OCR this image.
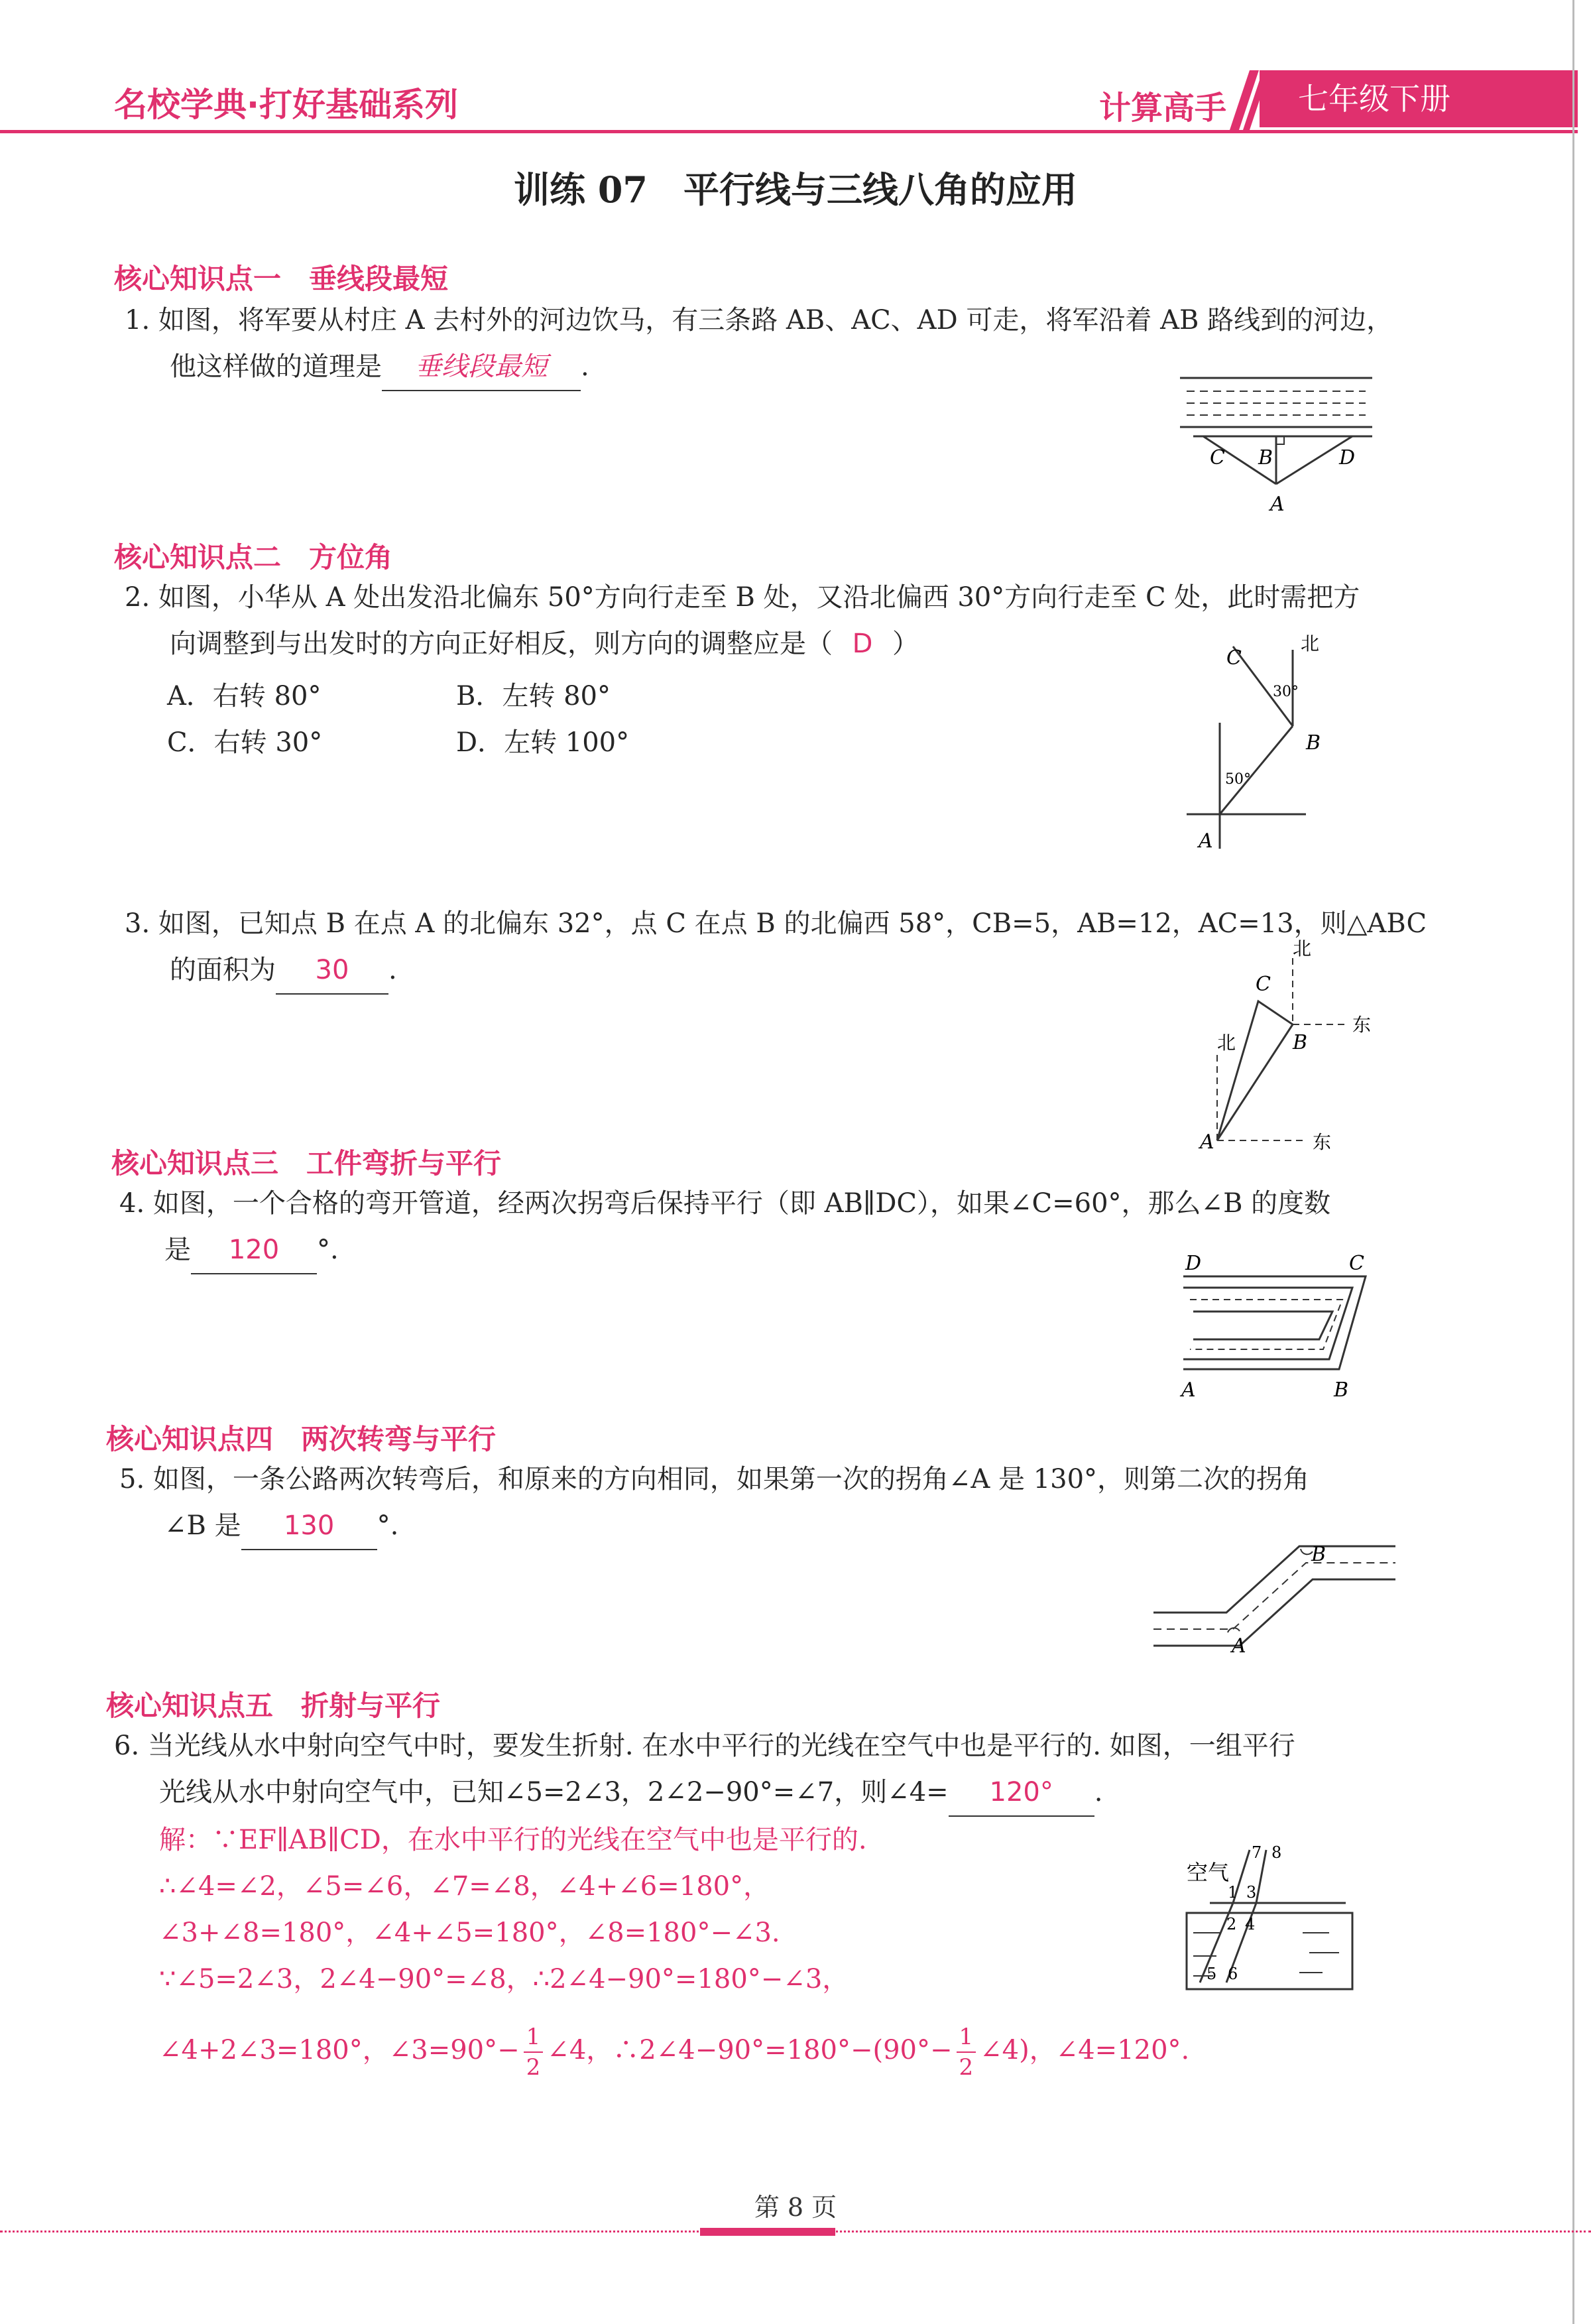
名校学典·打好基础系列	计算高手	七年级下册
训练 07　平行线与三线八角的应用
核心知识点一　垂线段最短
1. 如图，将军要从村庄 A 去村外的河边饮马，有三条路 AB、AC、AD 可走，将军沿着 AB 路线到的河边，
他这样做的道理是 垂线段最短 .
C B	D
A
核心知识点二　方位角
2. 如图，小华从 A 处出发沿北偏东 50°方向行走至 B 处，又沿北偏西 30°方向行走至 C 处，此时需把方
向调整到与出发时的方向正好相反，则方向的调整应是（ D ）
A．右转 80°	B．左转 80°
C．右转 30°	D．左转 100°
C
北
30°
B
50°
A
3. 如图，已知点 B 在点 A 的北偏东 32°，点 C 在点 B 的北偏西 58°，CB=5，AB=12，AC=13，则△ABC
的面积为 30 .
北
C
东
北	B
A	东
核心知识点三　工件弯折与平行
4. 如图，一个合格的弯开管道，经两次拐弯后保持平行（即 AB∥DC），如果∠C=60°，那么∠B 的度数
是 120 °.	D	C
A	B
核心知识点四　两次转弯与平行
5. 如图，一条公路两次转弯后，和原来的方向相同，如果第一次的拐角∠A 是 130°，则第二次的拐角
∠B 是 130 °.
B
A
核心知识点五　折射与平行
6. 当光线从水中射向空气中时，要发生折射. 在水中平行的光线在空气中也是平行的. 如图，一组平行
光线从水中射向空气中，已知∠5=2∠3，2∠2−90°=∠7，则∠4= 120° .
解：∵EF∥AB∥CD，在水中平行的光线在空气中也是平行的.
∴∠4=∠2，∠5=∠6，∠7=∠8，∠4+∠6=180°，
∠3+∠8=180°，∠4+∠5=180°，∠8=180°−∠3.
∵∠5=2∠3，2∠4−90°=∠8，∴2∠4−90°=180°−∠3，
∠4+2∠3=180°，∠3=90°− $\frac{1}{2}$ ∠4，∴2∠4−90°=180°−(90°− $\frac{1}{2}$ ∠4)，∠4=120°.
空气
1
2
3
4
5 6
7 8
第 8 页
